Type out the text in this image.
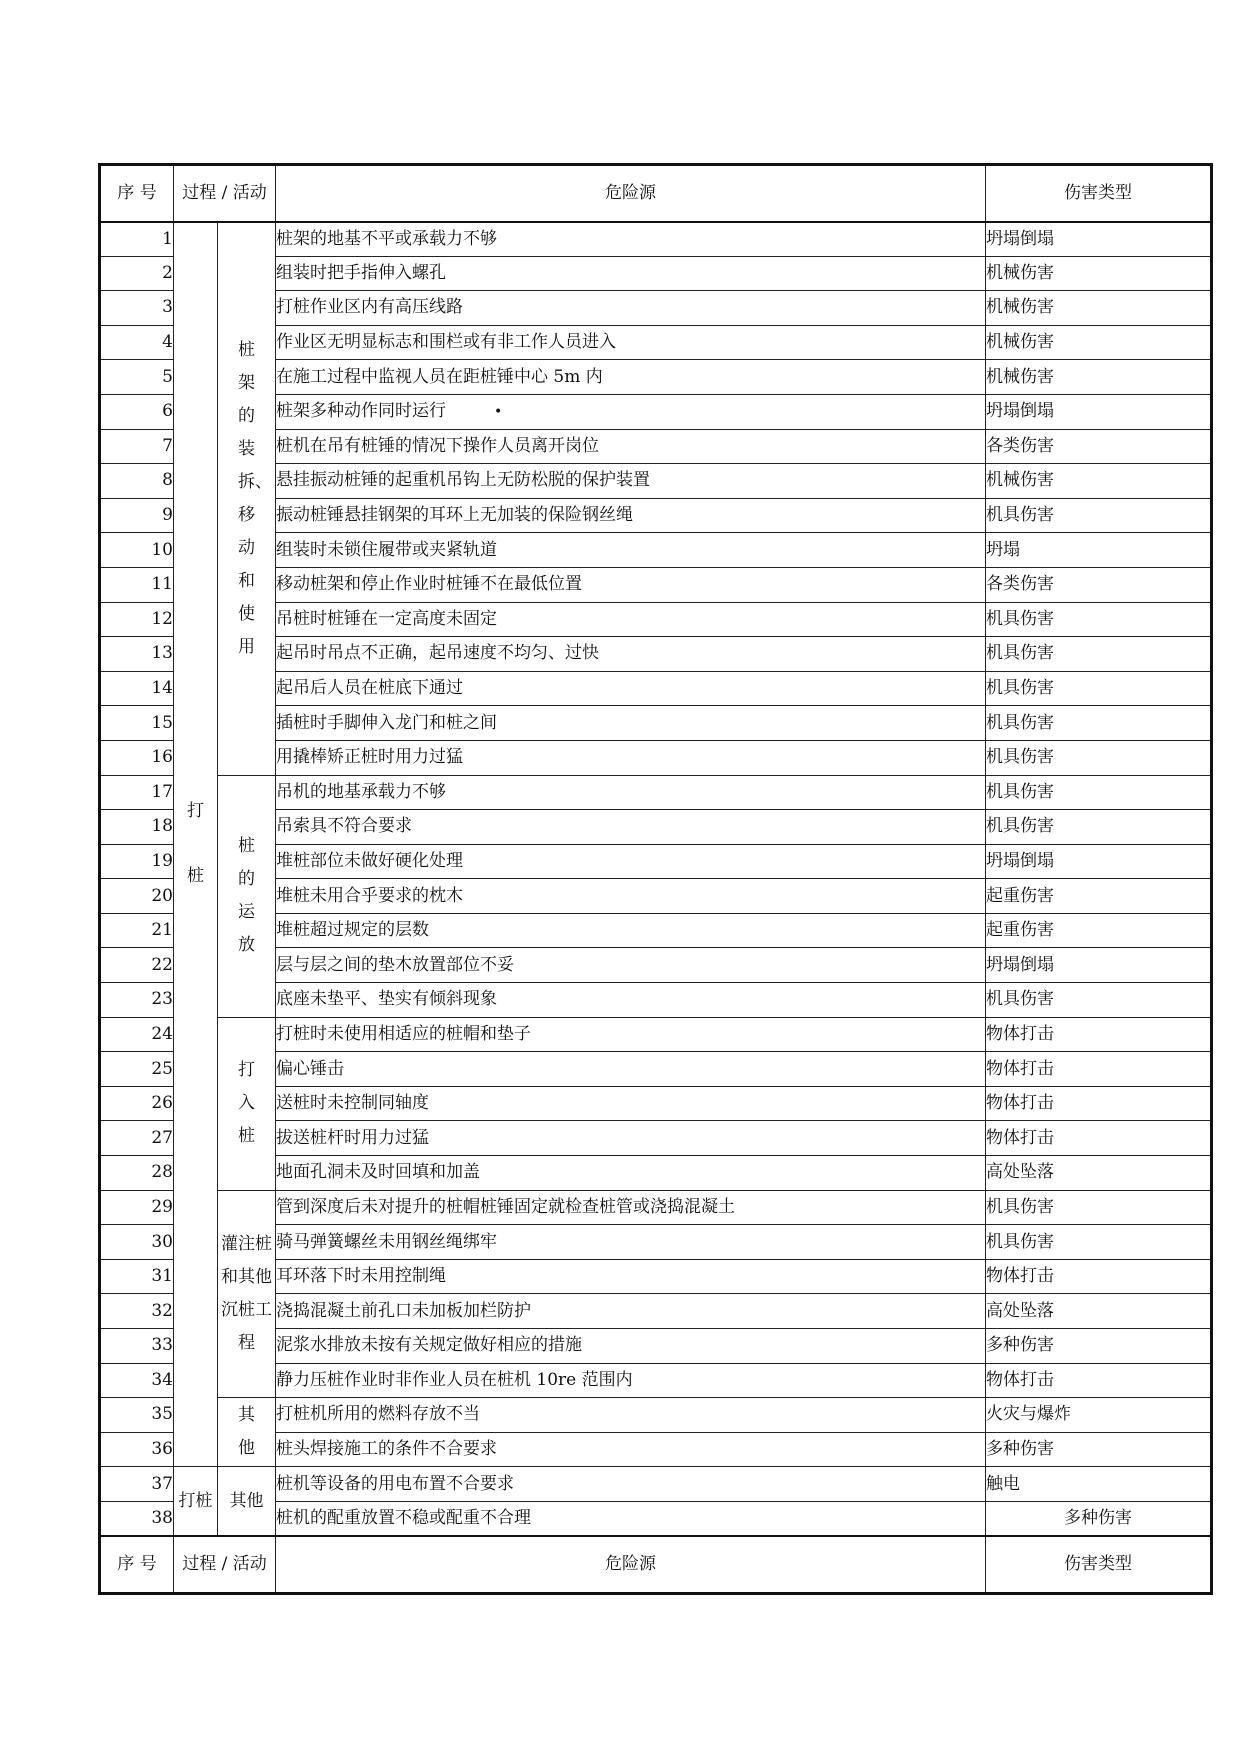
序 号	过程 / 活动		危险源	伤害类型
1	打桩	桩架的装拆、移动和使用	桩架的地基不平或承载力不够	坍塌倒塌
2			组装时把手指伸入螺孔	机械伤害
3			打桩作业区内有高压线路	机械伤害
4			作业区无明显标志和围栏或有非工作人员进入	机械伤害
5			在施工过程中监视人员在距桩锤中心 5m 内	机械伤害
6			桩架多种动作同时运行 •	坍塌倒塌
7			桩机在吊有桩锤的情况下操作人员离开岗位	各类伤害
8			悬挂振动桩锤的起重机吊钩上无防松脱的保护装置	机械伤害
9			振动桩锤悬挂钢架的耳环上无加装的保险钢丝绳	机具伤害
10			组装时未锁住履带或夹紧轨道	坍塌
11			移动桩架和停止作业时桩锤不在最低位置	各类伤害
12			吊桩时桩锤在一定高度未固定	机具伤害
13			起吊时吊点不正确，起吊速度不均匀、过快	机具伤害
14			起吊后人员在桩底下通过	机具伤害
15			插桩时手脚伸入龙门和桩之间	机具伤害
16			用撬棒矫正桩时用力过猛	机具伤害
17		桩的运放	吊机的地基承载力不够	机具伤害
18			吊索具不符合要求	机具伤害
19			堆桩部位未做好硬化处理	坍塌倒塌
20			堆桩未用合乎要求的枕木	起重伤害
21			堆桩超过规定的层数	起重伤害
22			层与层之间的垫木放置部位不妥	坍塌倒塌
23			底座未垫平、垫实有倾斜现象	机具伤害
24		打入桩	打桩时未使用相适应的桩帽和垫子	物体打击
25			偏心锤击	物体打击
26			送桩时未控制同轴度	物体打击
27			拔送桩杆时用力过猛	物体打击
28			地面孔洞未及时回填和加盖	高处坠落
29		灌注桩和其他沉桩工程	管到深度后未对提升的桩帽桩锤固定就检查桩管或浇捣混凝土	机具伤害
30			骑马弹簧螺丝未用钢丝绳绑牢	机具伤害
31			耳环落下时未用控制绳	物体打击
32			浇捣混凝土前孔口未加板加栏防护	高处坠落
33			泥浆水排放未按有关规定做好相应的措施	多种伤害
34			静力压桩作业时非作业人员在桩机 10re 范围内	物体打击
35		其他	打桩机所用的燃料存放不当	火灾与爆炸
36			桩头焊接施工的条件不合要求	多种伤害
37	打桩	其他	桩机等设备的用电布置不合要求	触电
38			桩机的配重放置不稳或配重不合理	多种伤害
序 号	过程 / 活动		危险源	伤害类型
